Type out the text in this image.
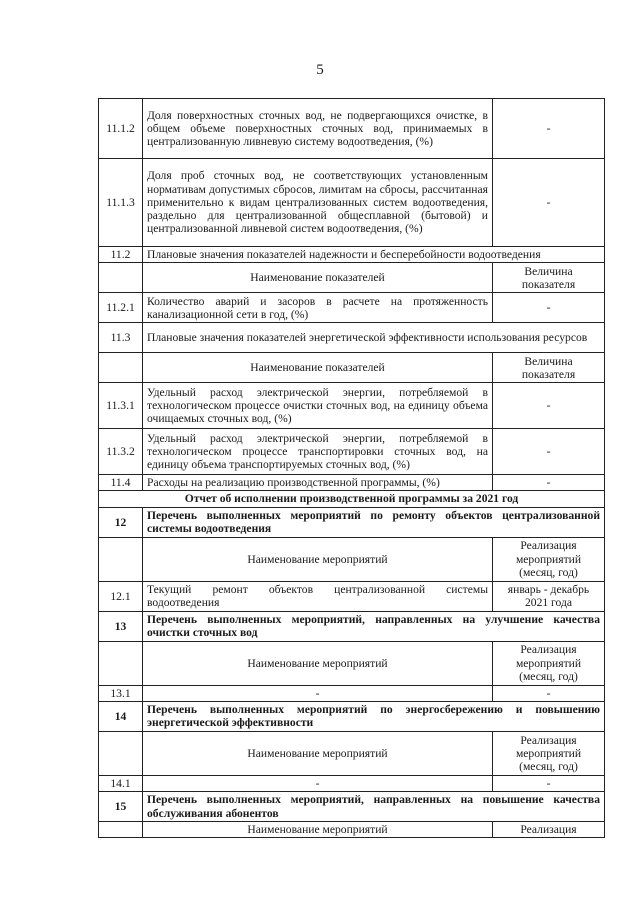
5
11.1.2	Доля поверхностных сточных вод, не подвергающихся очистке, в общем объеме поверхностных сточных вод, принимаемых в централизованную ливневую систему водоотведения, (%)	-
11.1.3	Доля проб сточных вод, не соответствующих установленным нормативам допустимых сбросов, лимитам на сбросы, рассчитанная применительно к видам централизованных систем водоотведения, раздельно для централизованной общесплавной (бытовой) и централизованной ливневой систем водоотведения, (%)	-
11.2	Плановые значения показателей надежности и бесперебойности водоотведения	
	Наименование показателей	Величина показателя
11.2.1	Количество аварий и засоров в расчете на протяженность канализационной сети в год, (%)	-
11.3	Плановые значения показателей энергетической эффективности использования ресурсов	
	Наименование показателей	Величина показателя
11.3.1	Удельный расход электрической энергии, потребляемой в технологическом процессе очистки сточных вод, на единицу объема очищаемых сточных вод, (%)	-
11.3.2	Удельный расход электрической энергии, потребляемой в технологическом процессе транспортировки сточных вод, на единицу объема транспортируемых сточных вод, (%)	-
11.4	Расходы на реализацию производственной программы, (%)	-
Отчет об исполнении производственной программы за 2021 год		
12	Перечень выполненных мероприятий по ремонту объектов централизованной системы водоотведения	
	Наименование мероприятий	Реализация мероприятий (месяц, год)
12.1	Текущий ремонт объектов централизованной системы водоотведения	январь - декабрь 2021 года
13	Перечень выполненных мероприятий, направленных на улучшение качества очистки сточных вод	
	Наименование мероприятий	Реализация мероприятий (месяц, год)
13.1	-	-
14	Перечень выполненных мероприятий по энергосбережению и повышению энергетической эффективности	
	Наименование мероприятий	Реализация мероприятий (месяц, год)
14.1	-	-
15	Перечень выполненных мероприятий, направленных на повышение качества обслуживания абонентов	
	Наименование мероприятий	Реализация
